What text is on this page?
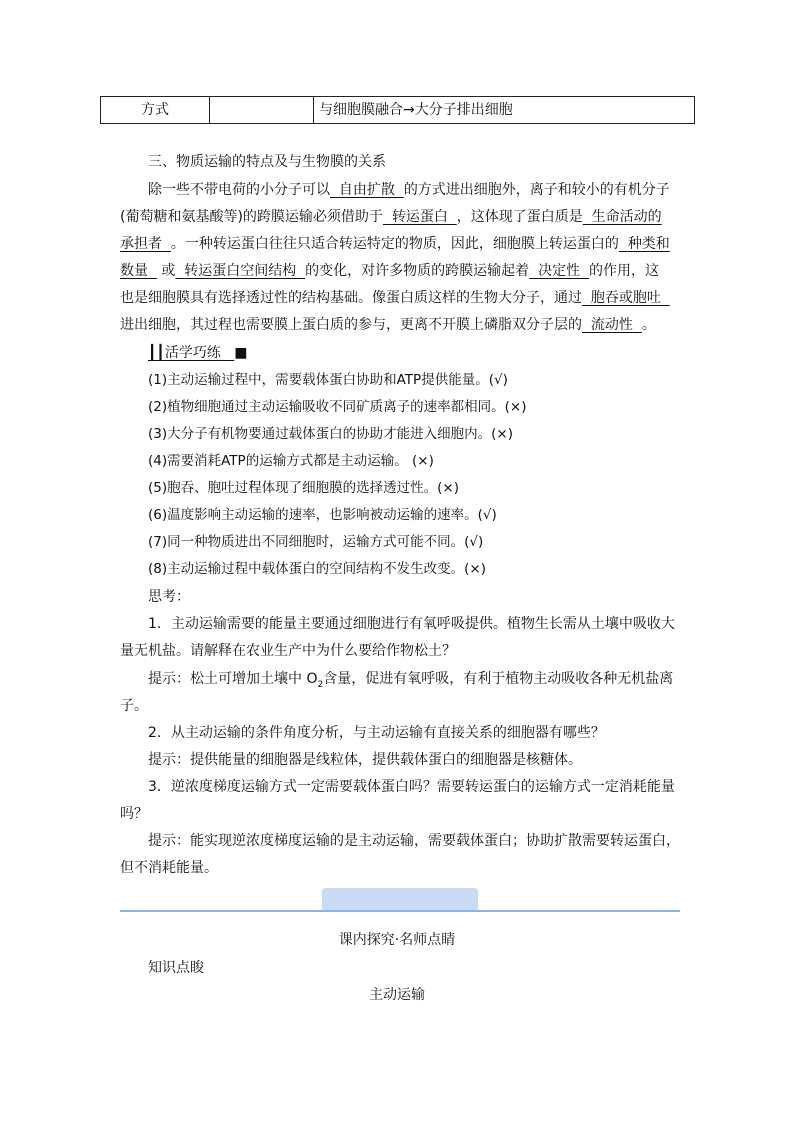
方式	与细胞膜融合→大分子排出细胞
三、物质运输的特点及与生物膜的关系
除一些不带电荷的小分子可以 自由扩散 的方式进出细胞外，离子和较小的有机分子
(葡萄糖和氨基酸等)的跨膜运输必须借助于 转运蛋白 ，这体现了蛋白质是 生命活动的
承担者 。一种转运蛋白往往只适合转运特定的物质，因此，细胞膜上转运蛋白的 种类和
数量 或 转运蛋白空间结构 的变化，对许多物质的跨膜运输起着 决定性 的作用，这
也是细胞膜具有选择透过性的结构基础。像蛋白质这样的生物大分子，通过 胞吞或胞吐
进出细胞，其过程也需要膜上蛋白质的参与，更离不开膜上磷脂双分子层的 流动性 。
┃┃活学巧练 ■
(1)主动运输过程中，需要载体蛋白协助和ATP提供能量。(√)
(2)植物细胞通过主动运输吸收不同矿质离子的速率都相同。(×)
(3)大分子有机物要通过载体蛋白的协助才能进入细胞内。(×)
(4)需要消耗ATP的运输方式都是主动运输。 (×)
(5)胞吞、胞吐过程体现了细胞膜的选择透过性。(×)
(6)温度影响主动运输的速率，也影响被动运输的速率。(√)
(7)同一种物质进出不同细胞时，运输方式可能不同。(√)
(8)主动运输过程中载体蛋白的空间结构不发生改变。(×)
思考：
1．主动运输需要的能量主要通过细胞进行有氧呼吸提供。植物生长需从土壤中吸收大
量无机盐。请解释在农业生产中为什么要给作物松土？
提示：松土可增加土壤中 $O_2$含量，促进有氧呼吸，有利于植物主动吸收各种无机盐离
子。
2．从主动运输的条件角度分析，与主动运输有直接关系的细胞器有哪些？
提示：提供能量的细胞器是线粒体，提供载体蛋白的细胞器是核糖体。
3．逆浓度梯度运输方式一定需要载体蛋白吗？需要转运蛋白的运输方式一定消耗能量
吗？
提示：能实现逆浓度梯度运输的是主动运输，需要载体蛋白；协助扩散需要转运蛋白，
但不消耗能量。
课内探究·名师点睛
知识点睃
主动运输
